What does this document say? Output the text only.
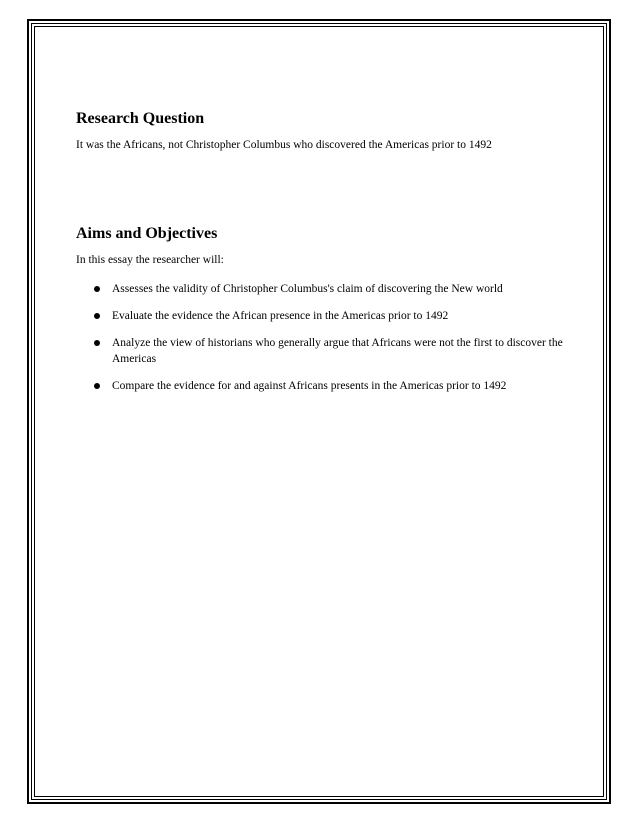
Research Question
It was the Africans, not Christopher Columbus who discovered the Americas prior to 1492
Aims and Objectives
In this essay the researcher will:
Assesses the validity of Christopher Columbus's claim of discovering the New world
Evaluate the evidence the African presence in the Americas prior to 1492
Analyze the view of historians who generally argue that Africans were not the first to discover the Americas
Compare the evidence for and against Africans presents in the Americas prior to 1492
